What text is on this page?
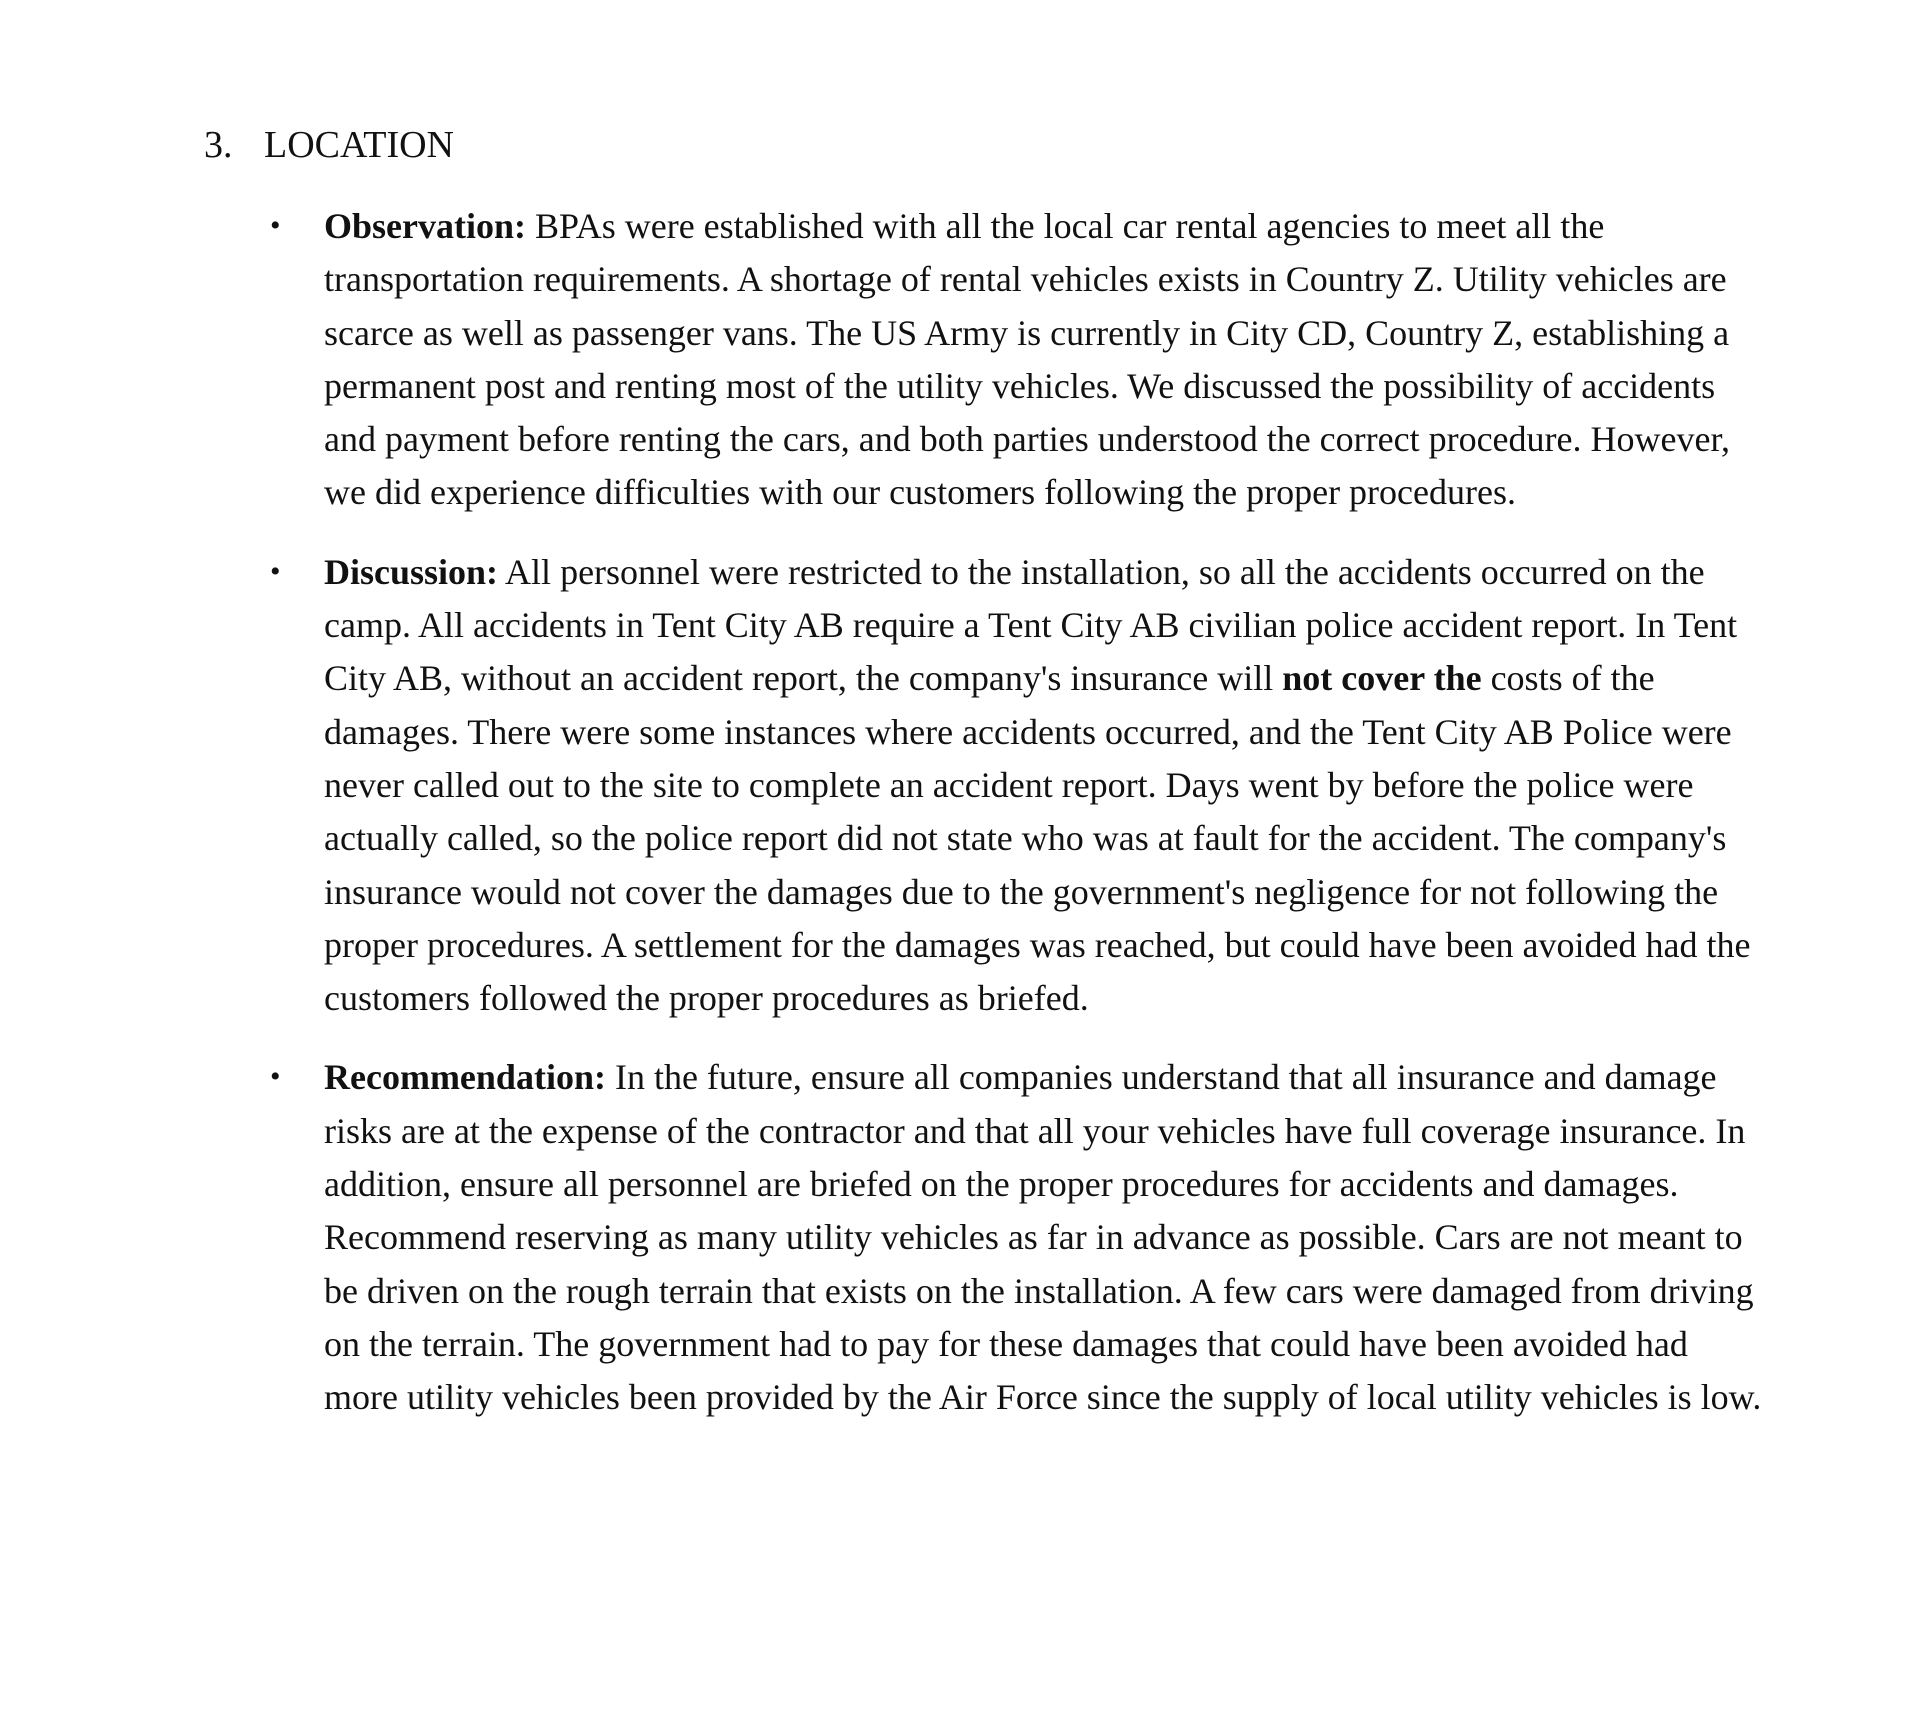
3. LOCATION
• Observation: BPAs were established with all the local car rental agencies to meet all the transportation requirements. A shortage of rental vehicles exists in Country Z. Utility vehicles are scarce as well as passenger vans. The US Army is currently in City CD, Country Z, establishing a permanent post and renting most of the utility vehicles. We discussed the possibility of accidents and payment before renting the cars, and both parties understood the correct procedure. However, we did experience difficulties with our customers following the proper procedures.
• Discussion: All personnel were restricted to the installation, so all the accidents occurred on the camp. All accidents in Tent City AB require a Tent City AB civilian police accident report. In Tent City AB, without an accident report, the company's insurance will not cover the costs of the damages. There were some instances where accidents occurred, and the Tent City AB Police were never called out to the site to complete an accident report. Days went by before the police were actually called, so the police report did not state who was at fault for the accident. The company's insurance would not cover the damages due to the government's negligence for not following the proper procedures. A settlement for the damages was reached, but could have been avoided had the customers followed the proper procedures as briefed.
• Recommendation: In the future, ensure all companies understand that all insurance and damage risks are at the expense of the contractor and that all your vehicles have full coverage insurance. In addition, ensure all personnel are briefed on the proper procedures for accidents and damages. Recommend reserving as many utility vehicles as far in advance as possible. Cars are not meant to be driven on the rough terrain that exists on the installation. A few cars were damaged from driving on the terrain. The government had to pay for these damages that could have been avoided had more utility vehicles been provided by the Air Force since the supply of local utility vehicles is low.
